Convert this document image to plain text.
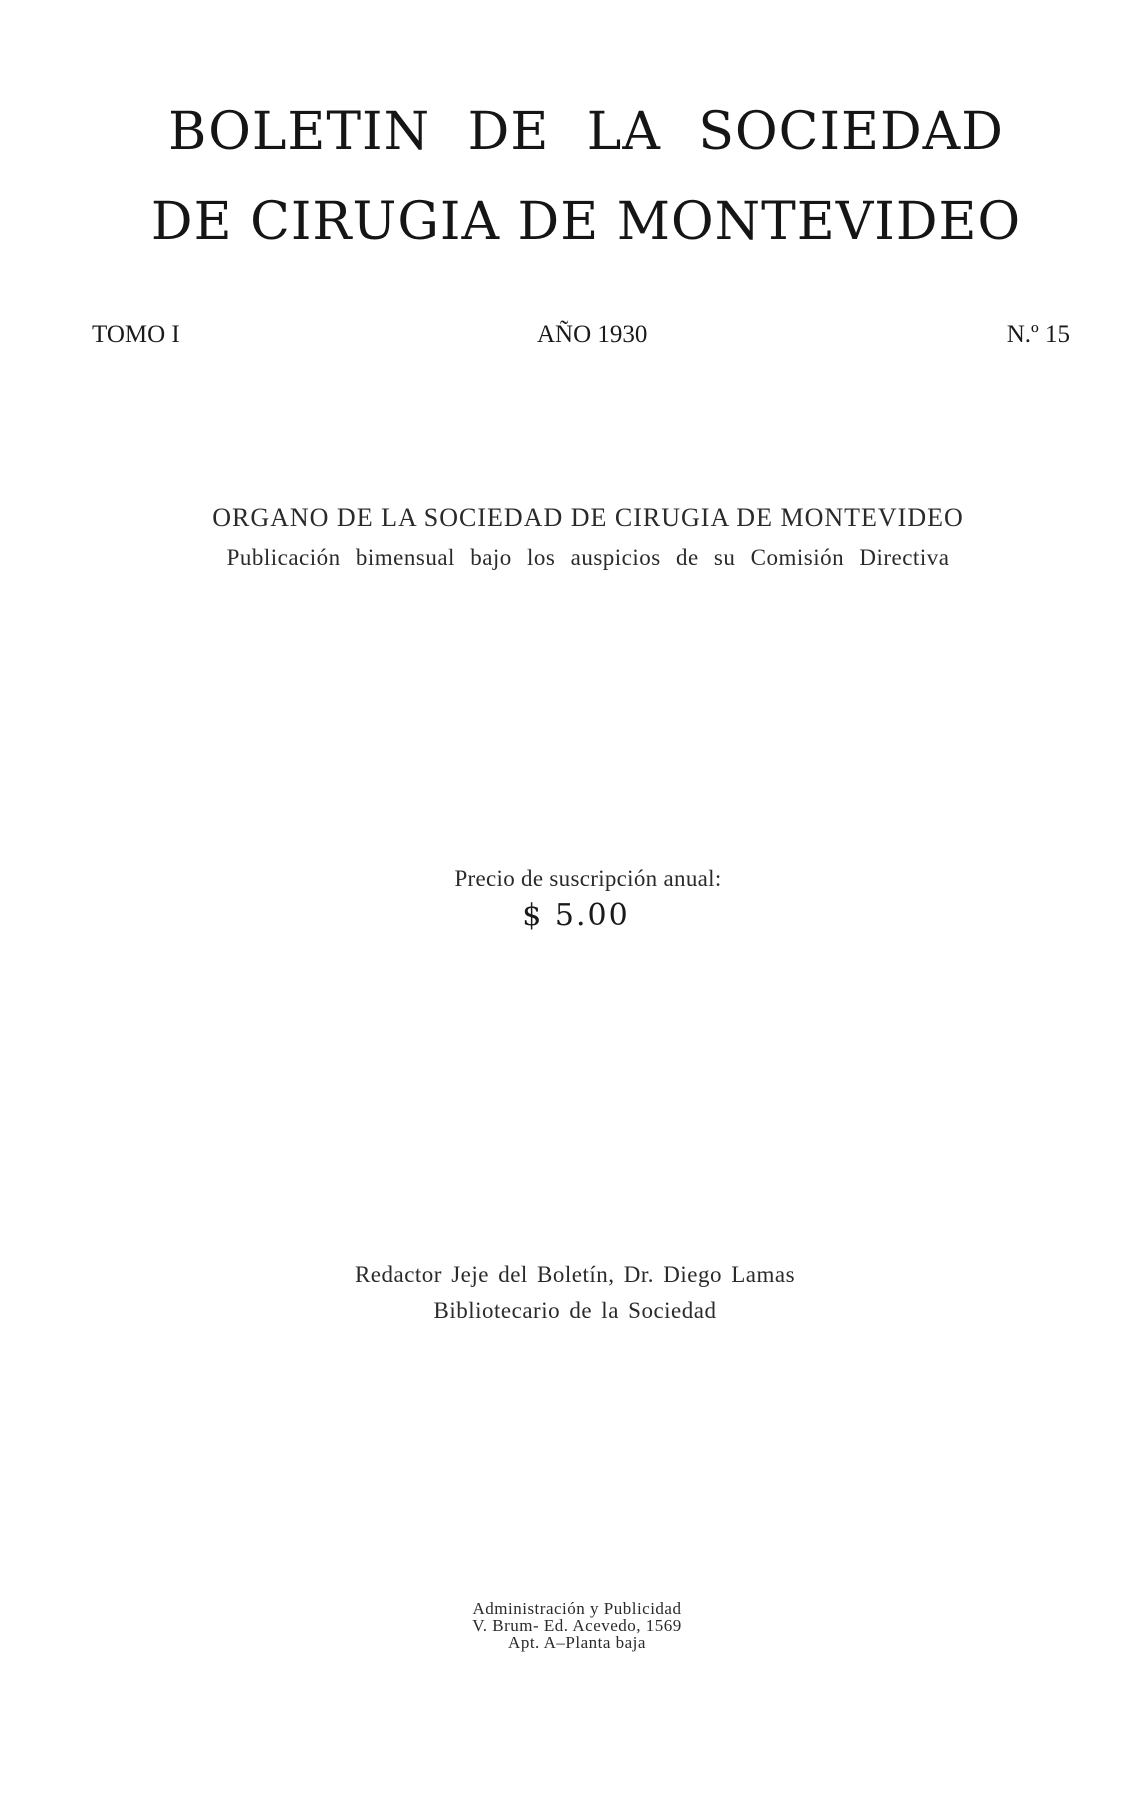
BOLETIN DE LA SOCIEDAD
DE CIRUGIA DE MONTEVIDEO
TOMO I	AÑO 1930	N.º 15
ORGANO DE LA SOCIEDAD DE CIRUGIA DE MONTEVIDEO
Publicación bimensual bajo los auspicios de su Comisión Directiva
Precio de suscripción anual:
$ 5.00
Redactor Jeje del Boletín, Dr. Diego Lamas
Bibliotecario de la Sociedad
Administración y Publicidad
V. Brum- Ed. Acevedo, 1569
Apt. A–Planta baja
